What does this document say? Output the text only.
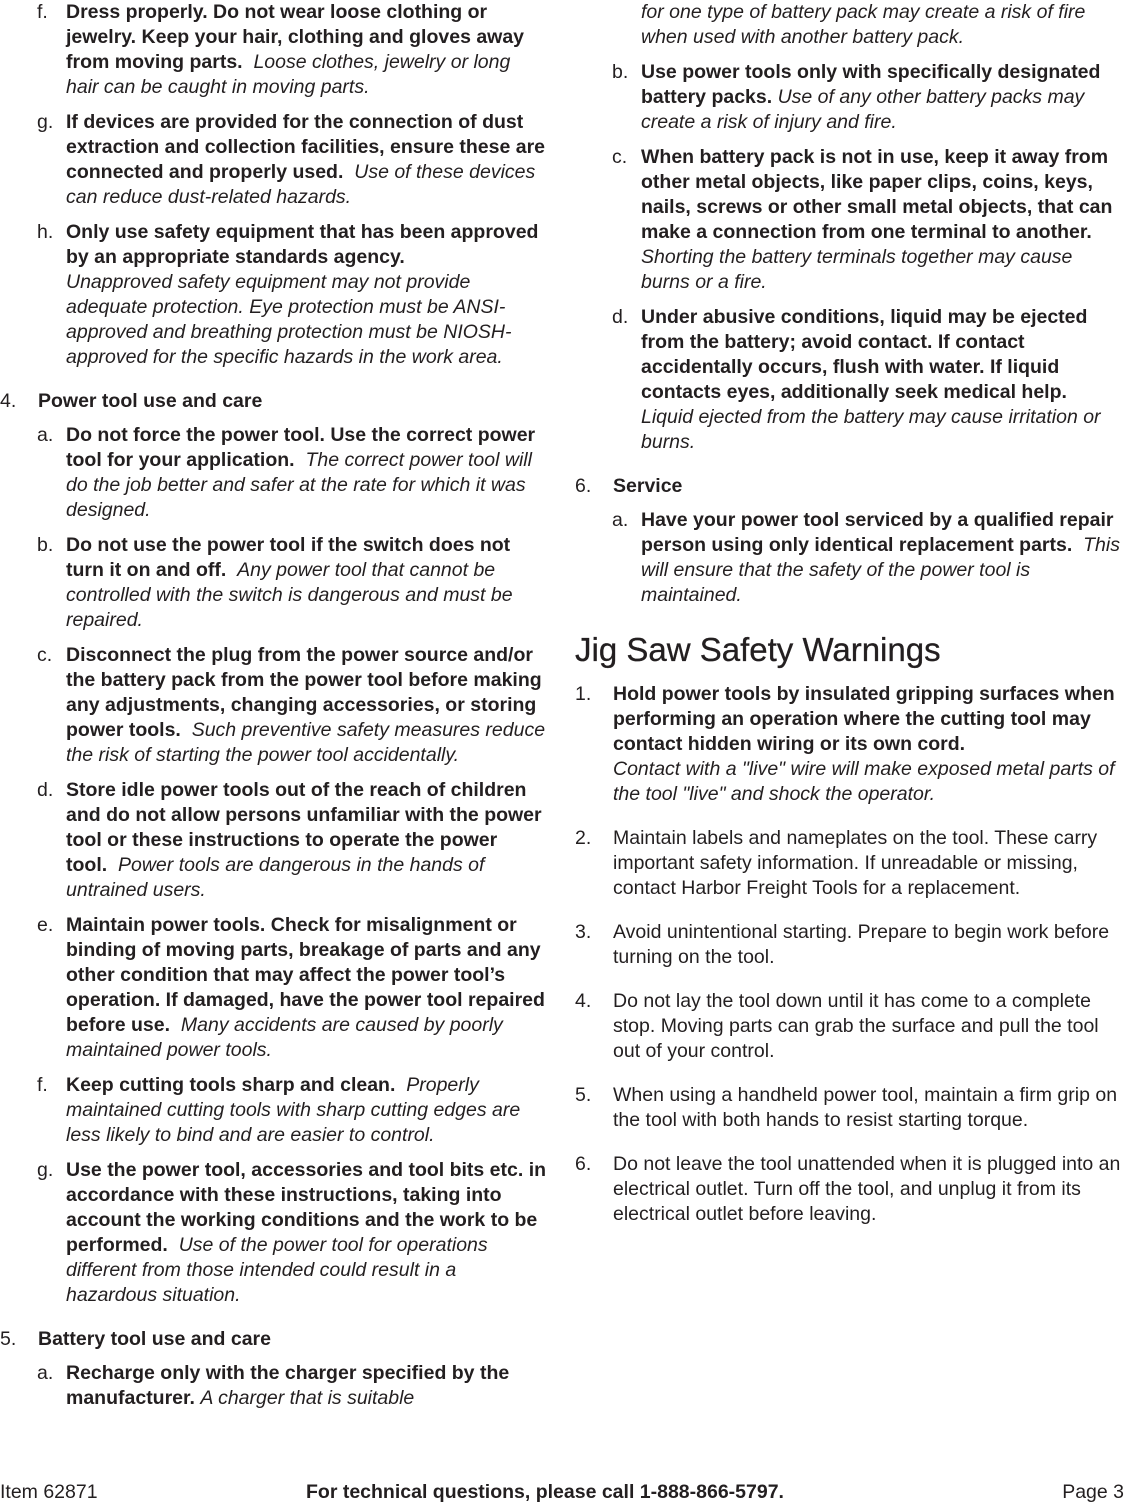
f. Dress properly. Do not wear loose clothing or jewelry. Keep your hair, clothing and gloves away from moving parts. Loose clothes, jewelry or long hair can be caught in moving parts.
g. If devices are provided for the connection of dust extraction and collection facilities, ensure these are connected and properly used. Use of these devices can reduce dust-related hazards.
h. Only use safety equipment that has been approved by an appropriate standards agency.
Unapproved safety equipment may not provide adequate protection. Eye protection must be ANSI-approved and breathing protection must be NIOSH-approved for the specific hazards in the work area.
4. Power tool use and care
a. Do not force the power tool. Use the correct power tool for your application. The correct power tool will do the job better and safer at the rate for which it was designed.
b. Do not use the power tool if the switch does not turn it on and off. Any power tool that cannot be controlled with the switch is dangerous and must be repaired.
c. Disconnect the plug from the power source and/or the battery pack from the power tool before making any adjustments, changing accessories, or storing power tools. Such preventive safety measures reduce the risk of starting the power tool accidentally.
d. Store idle power tools out of the reach of children and do not allow persons unfamiliar with the power tool or these instructions to operate the power tool. Power tools are dangerous in the hands of untrained users.
e. Maintain power tools. Check for misalignment or binding of moving parts, breakage of parts and any other condition that may affect the power tool’s operation. If damaged, have the power tool repaired before use. Many accidents are caused by poorly maintained power tools.
f. Keep cutting tools sharp and clean. Properly maintained cutting tools with sharp cutting edges are less likely to bind and are easier to control.
g. Use the power tool, accessories and tool bits etc. in accordance with these instructions, taking into account the working conditions and the work to be performed. Use of the power tool for operations different from those intended could result in a hazardous situation.
5. Battery tool use and care
a. Recharge only with the charger specified by the manufacturer. A charger that is suitable
for one type of battery pack may create a risk of fire when used with another battery pack.
b. Use power tools only with specifically designated battery packs. Use of any other battery packs may create a risk of injury and fire.
c. When battery pack is not in use, keep it away from other metal objects, like paper clips, coins, keys, nails, screws or other small metal objects, that can make a connection from one terminal to another. Shorting the battery terminals together may cause burns or a fire.
d. Under abusive conditions, liquid may be ejected from the battery; avoid contact. If contact accidentally occurs, flush with water. If liquid contacts eyes, additionally seek medical help. Liquid ejected from the battery may cause irritation or burns.
6. Service
a. Have your power tool serviced by a qualified repair person using only identical replacement parts. This will ensure that the safety of the power tool is maintained.
Jig Saw Safety Warnings
1. Hold power tools by insulated gripping surfaces when performing an operation where the cutting tool may contact hidden wiring or its own cord.
Contact with a "live" wire will make exposed metal parts of the tool "live" and shock the operator.
2. Maintain labels and nameplates on the tool. These carry important safety information. If unreadable or missing, contact Harbor Freight Tools for a replacement.
3. Avoid unintentional starting. Prepare to begin work before turning on the tool.
4. Do not lay the tool down until it has come to a complete stop. Moving parts can grab the surface and pull the tool out of your control.
5. When using a handheld power tool, maintain a firm grip on the tool with both hands to resist starting torque.
6. Do not leave the tool unattended when it is plugged into an electrical outlet. Turn off the tool, and unplug it from its electrical outlet before leaving.
Item 62871	For technical questions, please call 1-888-866-5797.	Page 3
